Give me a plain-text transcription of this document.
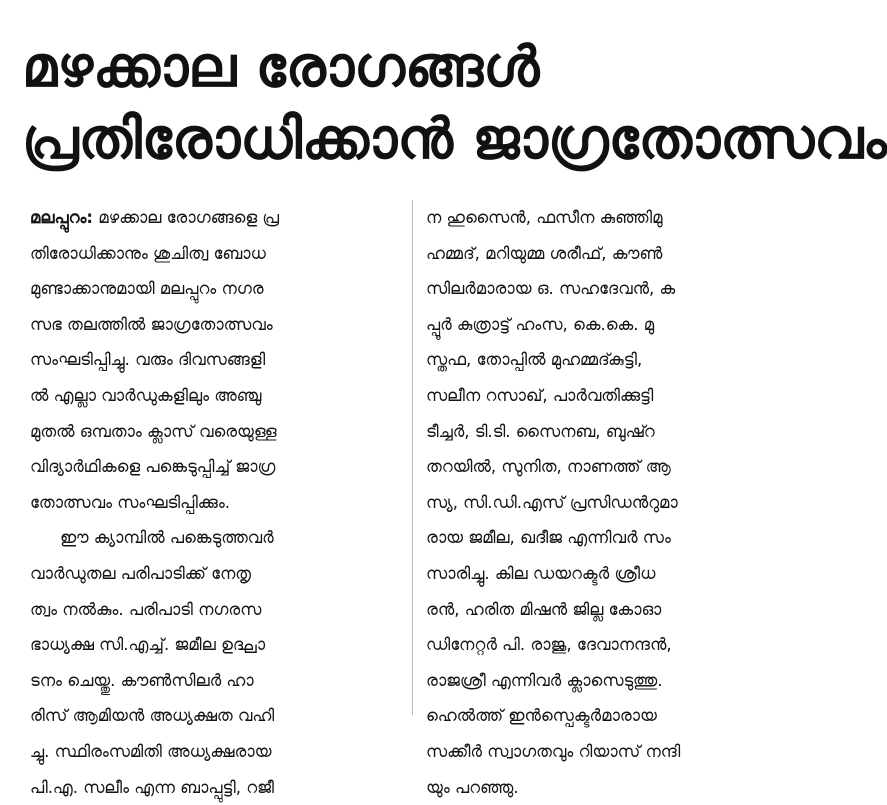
മഴക്കാല രോഗങ്ങൾ
പ്രതിരോധിക്കാൻ ജാഗ്രതോത്സവം
മലപ്പുറം: മഴക്കാല രോഗങ്ങളെ പ്ര
തിരോധിക്കാനും ശുചിത്വ ബോധ
മുണ്ടാക്കാനുമായി മലപ്പുറം നഗര
സഭ തലത്തിൽ ജാഗ്രതോത്സവം
സംഘടിപ്പിച്ചു. വരും ദിവസങ്ങളി
ൽ എല്ലാ വാർഡുകളിലും അഞ്ചു
മുതൽ ഒമ്പതാം ക്ലാസ് വരെയുള്ള
വിദ്യാർഥികളെ പങ്കെടുപ്പിച്ച് ജാഗ്ര
തോത്സവം സംഘടിപ്പിക്കും.
ഈ ക്യാമ്പിൽ പങ്കെടുത്തവർ
വാർഡുതല പരിപാടിക്ക് നേതൃ
ത്വം നൽകും. പരിപാടി നഗരസ
ഭാധ്യക്ഷ സി.എച്ച്. ജമീല ഉദ്ഘാ
ടനം ചെയ്തു. കൗൺസിലർ ഹാ
രിസ് ആമിയൻ അധ്യക്ഷത വഹി
ച്ചു. സ്ഥിരംസമിതി അധ്യക്ഷരായ
പി.എ. സലീം എന്ന ബാപ്പുട്ടി, റജീ
ന ഹുസൈൻ, ഫസീന കുഞ്ഞിമു
ഹമ്മദ്, മറിയുമ്മ ശരീഫ്, കൗൺ
സിലർമാരായ ഒ. സഹദേവൻ, ക
പ്പൂർ കുത്രാട്ട് ഹംസ, കെ.കെ. മു
സ്തഫ, തോപ്പിൽ മുഹമ്മദ്കുട്ടി,
സലീന റസാഖ്, പാർവതിക്കുട്ടി
ടീച്ചർ, ടി.ടി. സൈനബ, ബുഷ്റ
തറയിൽ, സുനിത, നാണത്ത് ആ
സ്യ, സി.ഡി.എസ് പ്രസിഡൻറുമാ
രായ ജമീല, ഖദീജ എന്നിവർ സം
സാരിച്ചു. കില ഡയറക്ടർ ശ്രീധ
രൻ, ഹരിത മിഷൻ ജില്ല കോഓ
ഡിനേറ്റർ പി. രാജു, ദേവാനന്ദൻ,
രാജശ്രീ എന്നിവർ ക്ലാസെടുത്തു.
ഹെൽത്ത് ഇൻസ്പെക്ടർമാരായ
സക്കീർ സ്വാഗതവും റിയാസ് നന്ദി
യും പറഞ്ഞു.
